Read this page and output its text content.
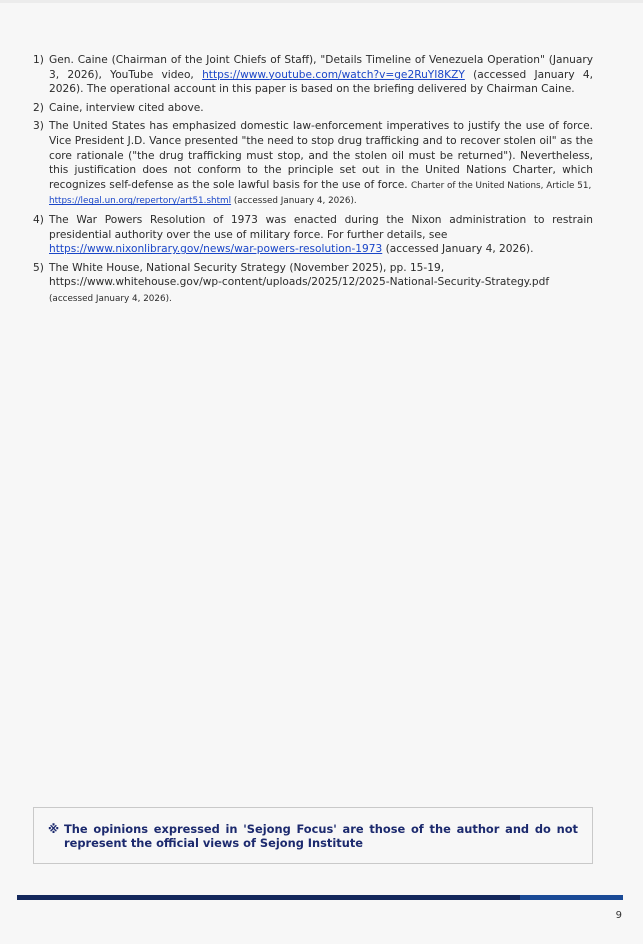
1) Gen. Caine (Chairman of the Joint Chiefs of Staff), "Details Timeline of Venezuela Operation" (January 3, 2026), YouTube video, https://www.youtube.com/watch?v=ge2RuYI8KZY (accessed January 4, 2026). The operational account in this paper is based on the briefing delivered by Chairman Caine.
2) Caine, interview cited above.
3) The United States has emphasized domestic law-enforcement imperatives to justify the use of force. Vice President J.D. Vance presented "the need to stop drug trafficking and to recover stolen oil" as the core rationale ("the drug trafficking must stop, and the stolen oil must be returned"). Nevertheless, this justification does not conform to the principle set out in the United Nations Charter, which recognizes self-defense as the sole lawful basis for the use of force. Charter of the United Nations, Article 51,
https://legal.un.org/repertory/art51.shtml (accessed January 4, 2026).
4) The War Powers Resolution of 1973 was enacted during the Nixon administration to restrain presidential authority over the use of military force. For further details, see
https://www.nixonlibrary.gov/news/war-powers-resolution-1973 (accessed January 4, 2026).
5) The White House, National Security Strategy (November 2025), pp. 15-19,
https://www.whitehouse.gov/wp-content/uploads/2025/12/2025-National-Security-Strategy.pdf (accessed January 4, 2026).
※ The opinions expressed in 'Sejong Focus' are those of the author and do not represent the official views of Sejong Institute
9
